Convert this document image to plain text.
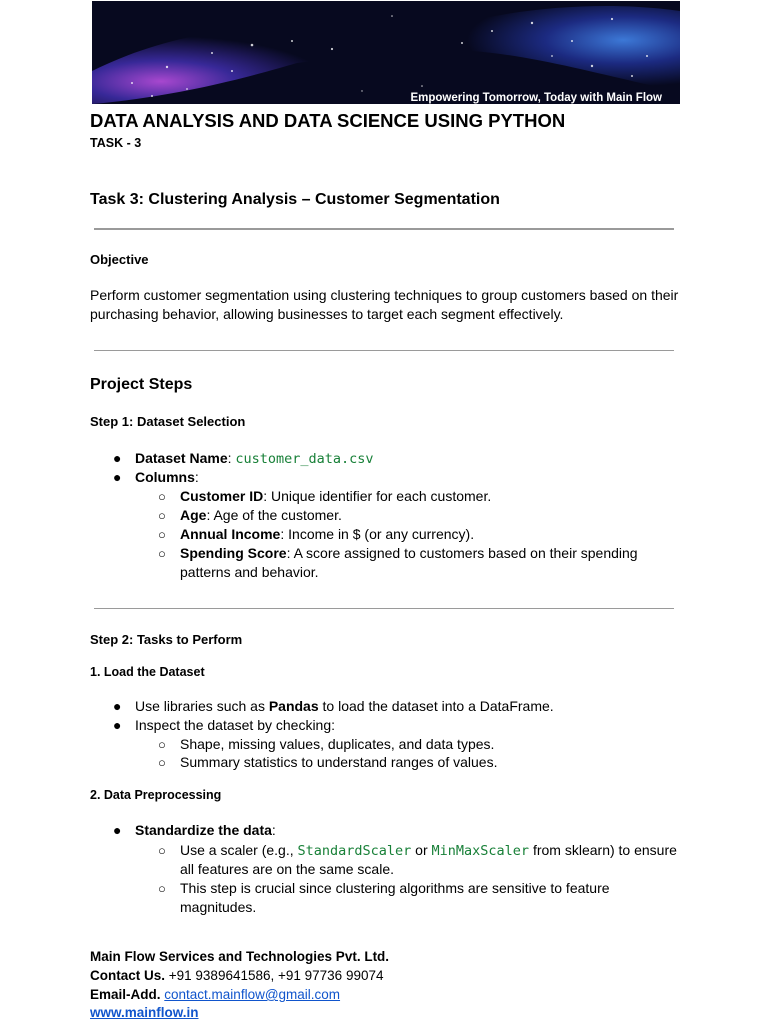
Empowering Tomorrow, Today with Main Flow
DATA ANALYSIS AND DATA SCIENCE USING PYTHON
TASK - 3
Task 3: Clustering Analysis – Customer Segmentation
Objective
Perform customer segmentation using clustering techniques to group customers based on their
purchasing behavior, allowing businesses to target each segment effectively.
Project Steps
Step 1: Dataset Selection
● Dataset Name: customer_data.csv
● Columns:
○ Customer ID: Unique identifier for each customer.
○ Age: Age of the customer.
○ Annual Income: Income in $ (or any currency).
○ Spending Score: A score assigned to customers based on their spending
patterns and behavior.
Step 2: Tasks to Perform
1. Load the Dataset
● Use libraries such as Pandas to load the dataset into a DataFrame.
● Inspect the dataset by checking:
○ Shape, missing values, duplicates, and data types.
○ Summary statistics to understand ranges of values.
2. Data Preprocessing
● Standardize the data:
○ Use a scaler (e.g., StandardScaler or MinMaxScaler from sklearn) to ensure
all features are on the same scale.
○ This step is crucial since clustering algorithms are sensitive to feature
magnitudes.
Main Flow Services and Technologies Pvt. Ltd.
Contact Us. +91 9389641586, +91 97736 99074
Email-Add. contact.mainflow@gmail.com
www.mainflow.in
